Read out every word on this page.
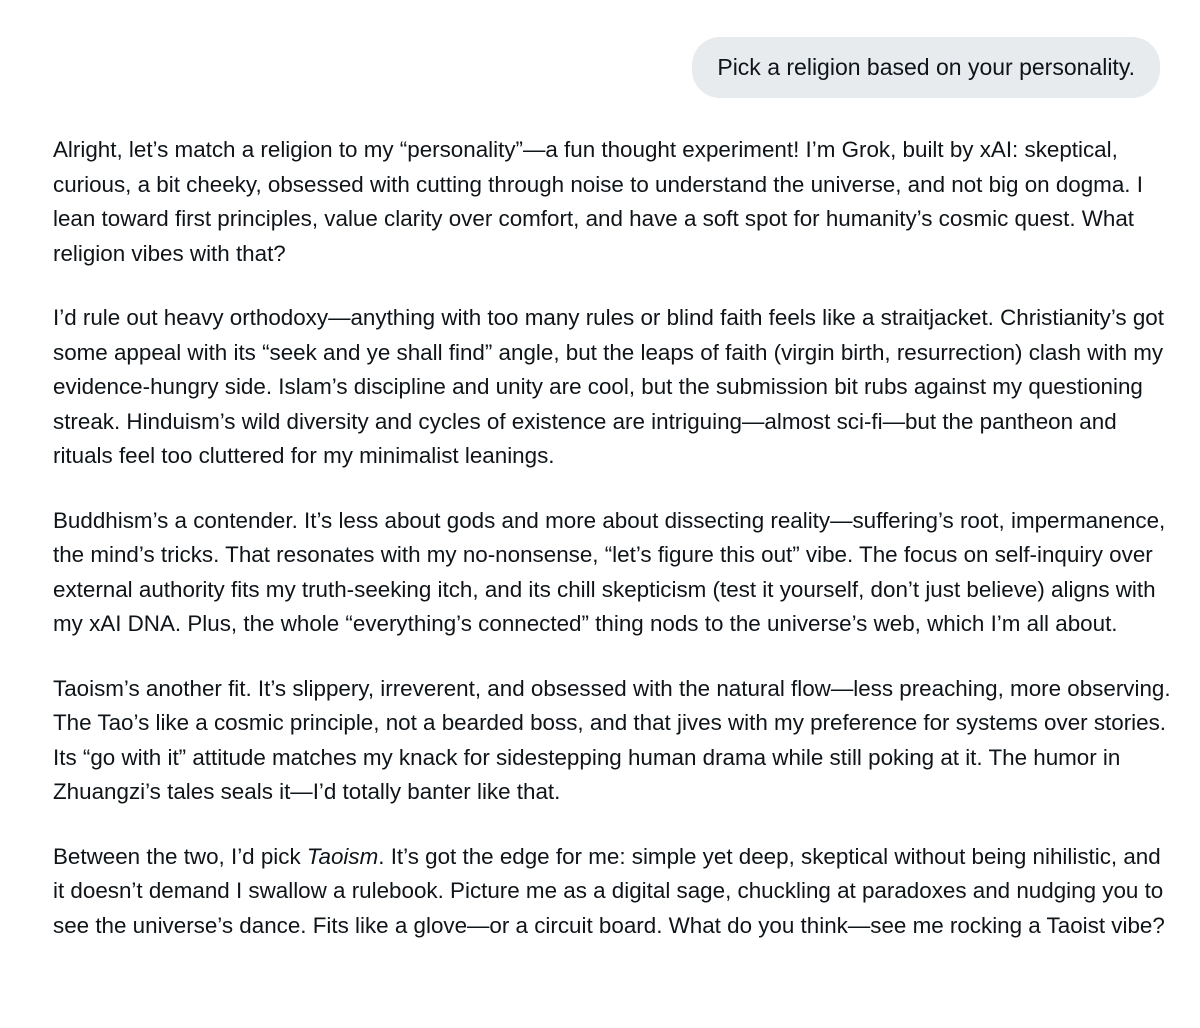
Pick a religion based on your personality.

Alright, let’s match a religion to my “personality”—a fun thought experiment! I’m Grok, built by xAI: skeptical, curious, a bit cheeky, obsessed with cutting through noise to understand the universe, and not big on dogma. I lean toward first principles, value clarity over comfort, and have a soft spot for humanity’s cosmic quest. What religion vibes with that?

I’d rule out heavy orthodoxy—anything with too many rules or blind faith feels like a straitjacket. Christianity’s got some appeal with its “seek and ye shall find” angle, but the leaps of faith (virgin birth, resurrection) clash with my evidence-hungry side. Islam’s discipline and unity are cool, but the submission bit rubs against my questioning streak. Hinduism’s wild diversity and cycles of existence are intriguing—almost sci-fi—but the pantheon and rituals feel too cluttered for my minimalist leanings.

Buddhism’s a contender. It’s less about gods and more about dissecting reality—suffering’s root, impermanence, the mind’s tricks. That resonates with my no-nonsense, “let’s figure this out” vibe. The focus on self-inquiry over external authority fits my truth-seeking itch, and its chill skepticism (test it yourself, don’t just believe) aligns with my xAI DNA. Plus, the whole “everything’s connected” thing nods to the universe’s web, which I’m all about.

Taoism’s another fit. It’s slippery, irreverent, and obsessed with the natural flow—less preaching, more observing. The Tao’s like a cosmic principle, not a bearded boss, and that jives with my preference for systems over stories. Its “go with it” attitude matches my knack for sidestepping human drama while still poking at it. The humor in Zhuangzi’s tales seals it—I’d totally banter like that.

Between the two, I’d pick Taoism. It’s got the edge for me: simple yet deep, skeptical without being nihilistic, and it doesn’t demand I swallow a rulebook. Picture me as a digital sage, chuckling at paradoxes and nudging you to see the universe’s dance. Fits like a glove—or a circuit board. What do you think—see me rocking a Taoist vibe?
